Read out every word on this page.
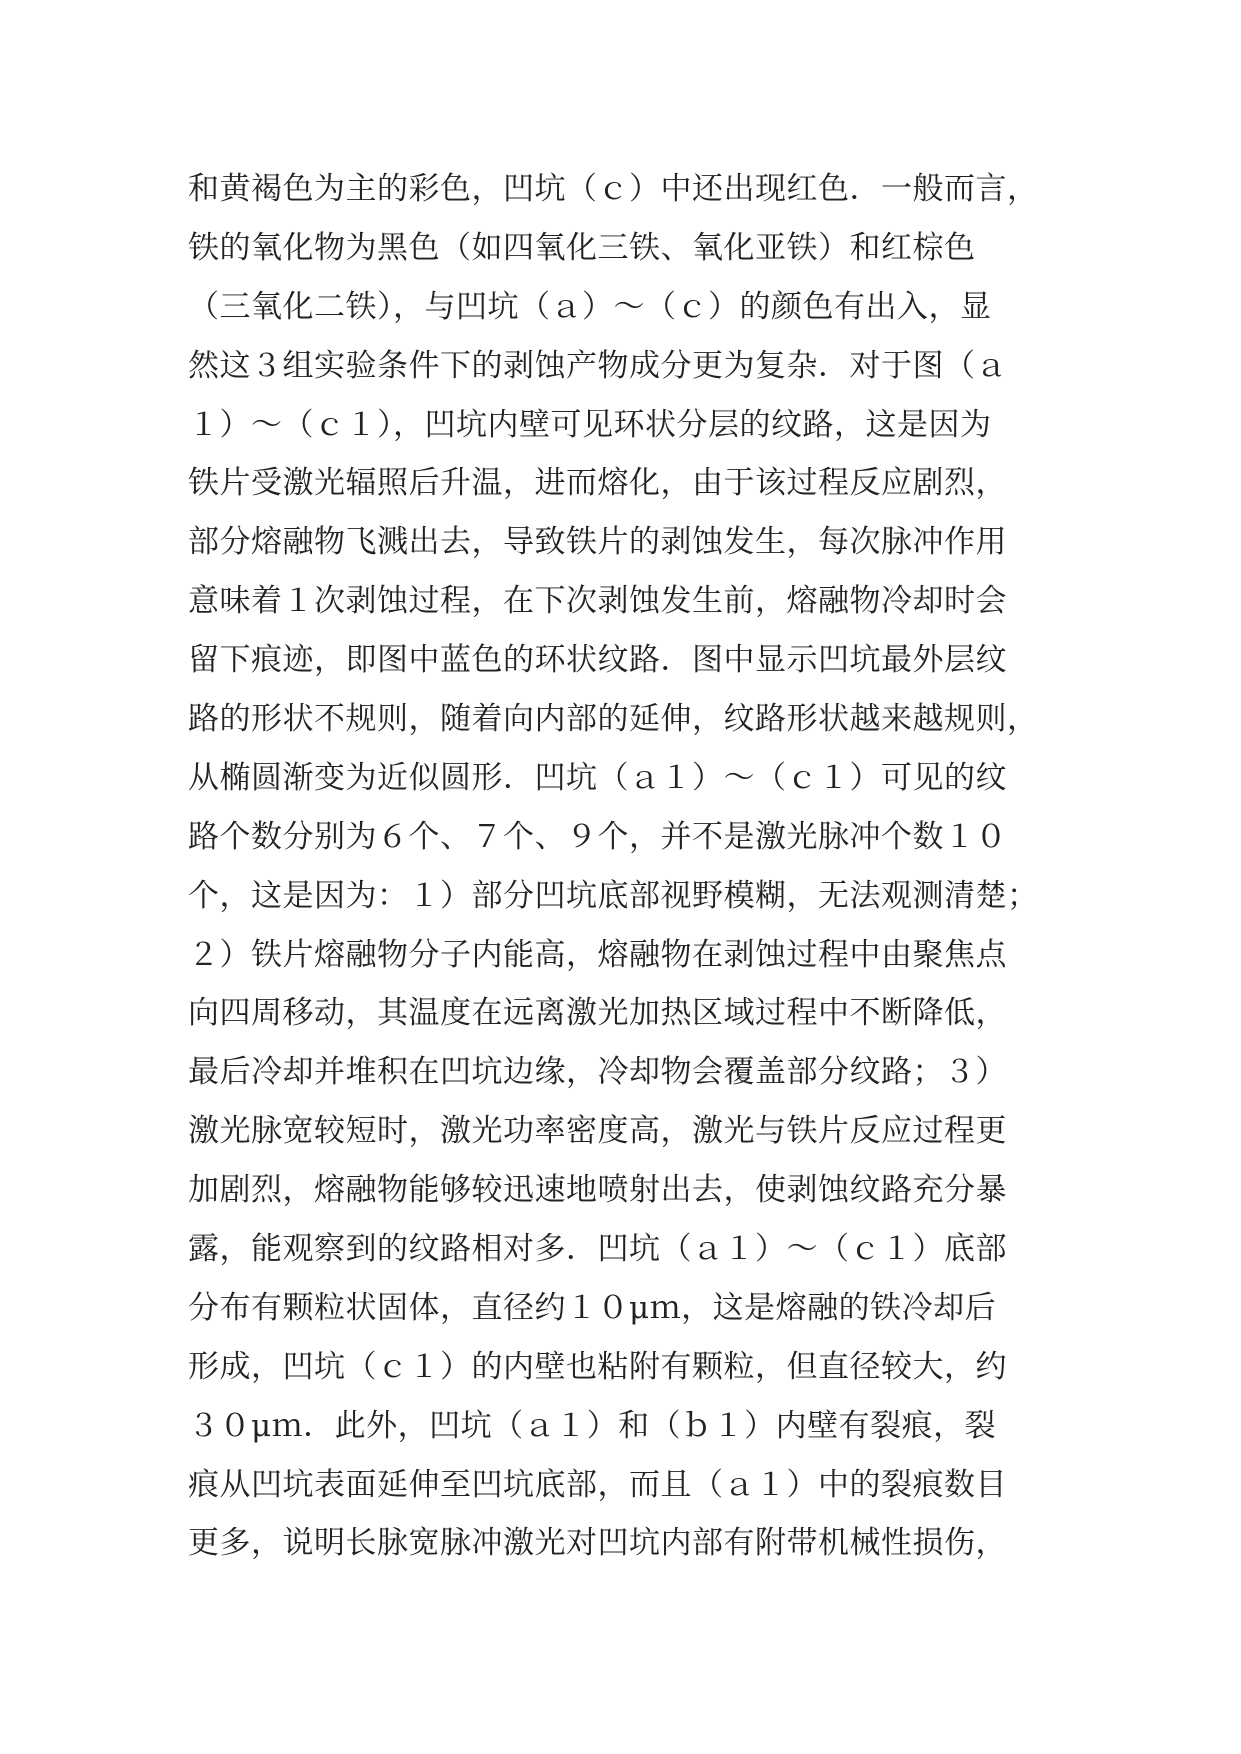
和黄褐色为主的彩色，凹坑（ｃ）中还出现红色．一般而言，
铁的氧化物为黑色（如四氧化三铁、氧化亚铁）和红棕色
（三氧化二铁），与凹坑（ａ）～（ｃ）的颜色有出入，显
然这３组实验条件下的剥蚀产物成分更为复杂．对于图（ａ
１）～（ｃ１），凹坑内壁可见环状分层的纹路，这是因为
铁片受激光辐照后升温，进而熔化，由于该过程反应剧烈，
部分熔融物飞溅出去，导致铁片的剥蚀发生，每次脉冲作用
意味着１次剥蚀过程，在下次剥蚀发生前，熔融物冷却时会
留下痕迹，即图中蓝色的环状纹路．图中显示凹坑最外层纹
路的形状不规则，随着向内部的延伸，纹路形状越来越规则，
从椭圆渐变为近似圆形．凹坑（ａ１）～（ｃ１）可见的纹
路个数分别为６个、７个、９个，并不是激光脉冲个数１０
个，这是因为：１）部分凹坑底部视野模糊，无法观测清楚；
２）铁片熔融物分子内能高，熔融物在剥蚀过程中由聚焦点
向四周移动，其温度在远离激光加热区域过程中不断降低，
最后冷却并堆积在凹坑边缘，冷却物会覆盖部分纹路；３）
激光脉宽较短时，激光功率密度高，激光与铁片反应过程更
加剧烈，熔融物能够较迅速地喷射出去，使剥蚀纹路充分暴
露，能观察到的纹路相对多．凹坑（ａ１）～（ｃ１）底部
分布有颗粒状固体，直径约１０μｍ，这是熔融的铁冷却后
形成，凹坑（ｃ１）的内壁也粘附有颗粒，但直径较大，约
３０μｍ．此外，凹坑（ａ１）和（ｂ１）内壁有裂痕，裂
痕从凹坑表面延伸至凹坑底部，而且（ａ１）中的裂痕数目
更多，说明长脉宽脉冲激光对凹坑内部有附带机械性损伤，
